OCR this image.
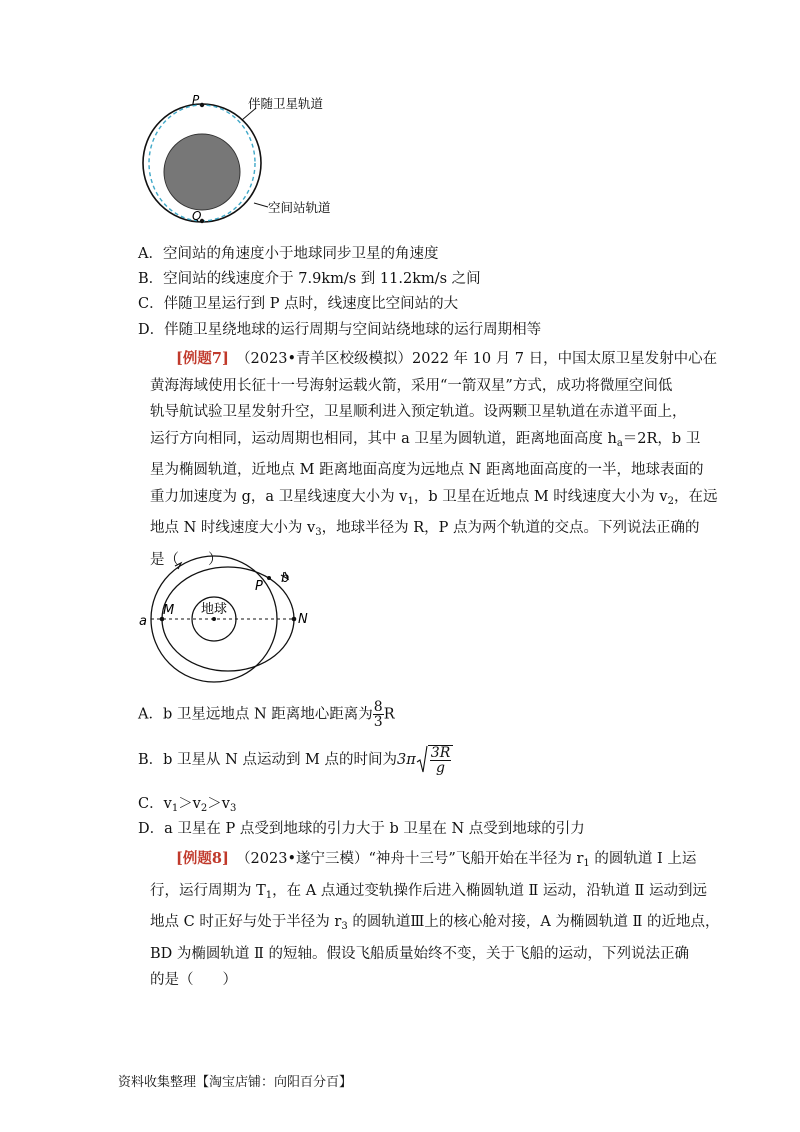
P
Q
伴随卫星轨道
空间站轨道
A．空间站的角速度小于地球同步卫星的角速度
B．空间站的线速度介于 7.9km/s 到 11.2km/s 之间
C．伴随卫星运行到 P 点时，线速度比空间站的大
D．伴随卫星绕地球的运行周期与空间站绕地球的运行周期相等
[例题7]　 （2023•青羊区校级模拟）2022 年 10 月 7 日，中国太原卫星发射中心在
黄海海域使用长征十一号海射运载火箭，采用“一箭双星”方式，成功将微厘空间低
轨导航试验卫星发射升空，卫星顺利进入预定轨道。设两颗卫星轨道在赤道平面上，
运行方向相同，运动周期也相同，其中 a 卫星为圆轨道，距离地面高度 $h_a=2R$，b 卫
星为椭圆轨道，近地点 M 距离地面高度为远地点 N 距离地面高度的一半，地球表面的
重力加速度为 g，a 卫星线速度大小为 $v_1$，b 卫星在近地点 M 时线速度大小为 $v_2$，在远
地点 N 时线速度大小为 $v_3$，地球半径为 R，P 点为两个轨道的交点。下列说法正确的
是（　　）
M
N
P
a
b
地球
A．b 卫星远地点 N 距离地心距离为 $\frac{8}{3}$ R
B．b 卫星从 N 点运动到 M 点的时间为$3\pi \frac{3R}{g}$
C．$v_1>v_2>v_3$
D．a 卫星在 P 点受到地球的引力大于 b 卫星在 N 点受到地球的引力
[例题8]　 （2023•遂宁三模）“神舟十三号”飞船开始在半径为 $r_1$ 的圆轨道 Ⅰ 上运
行，运行周期为 $T_1$，在 A 点通过变轨操作后进入椭圆轨道 Ⅱ 运动，沿轨道 Ⅱ 运动到远
地点 C 时正好与处于半径为 $r_3$ 的圆轨道Ⅲ上的核心舱对接，A 为椭圆轨道 Ⅱ 的近地点，
BD 为椭圆轨道 Ⅱ 的短轴。假设飞船质量始终不变，关于飞船的运动，下列说法正确
的是（　　）
资料收集整理【淘宝店铺：向阳百分百】
